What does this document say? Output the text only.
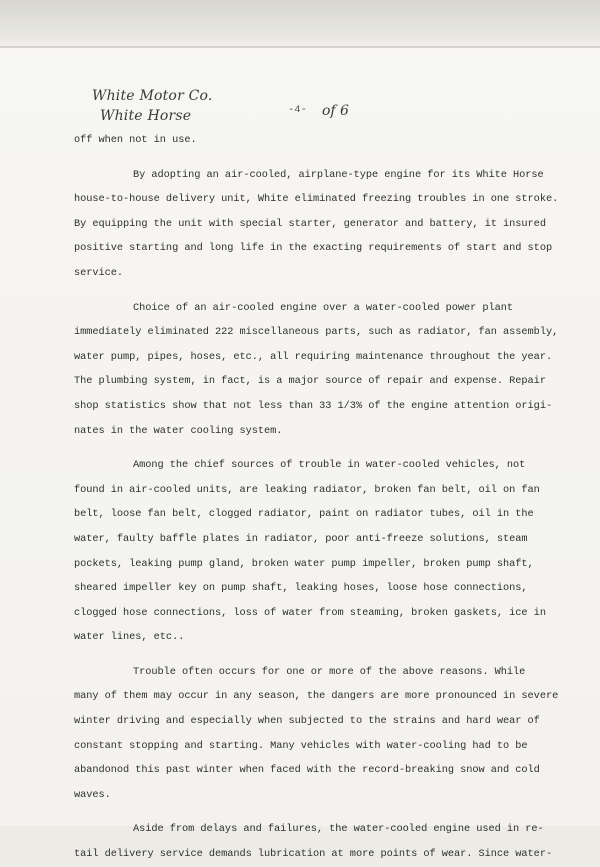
White Motor Co.
White Horse	-4- of 6
off when not in use.
By adopting an air-cooled, airplane-type engine for its White Horse
house-to-house delivery unit, White eliminated freezing troubles in one stroke.
By equipping the unit with special starter, generator and battery, it insured
positive starting and long life in the exacting requirements of start and stop
service.
Choice of an air-cooled engine over a water-cooled power plant
immediately eliminated 222 miscellaneous parts, such as radiator, fan assembly,
water pump, pipes, hoses, etc., all requiring maintenance throughout the year.
The plumbing system, in fact, is a major source of repair and expense. Repair
shop statistics show that not less than 33 1/3% of the engine attention origi-
nates in the water cooling system.
Among the chief sources of trouble in water-cooled vehicles, not
found in air-cooled units, are leaking radiator, broken fan belt, oil on fan
belt, loose fan belt, clogged radiator, paint on radiator tubes, oil in the
water, faulty baffle plates in radiator, poor anti-freeze solutions, steam
pockets, leaking pump gland, broken water pump impeller, broken pump shaft,
sheared impeller key on pump shaft, leaking hoses, loose hose connections,
clogged hose connections, loss of water from steaming, broken gaskets, ice in
water lines, etc..
Trouble often occurs for one or more of the above reasons. While
many of them may occur in any season, the dangers are more pronounced in severe
winter driving and especially when subjected to the strains and hard wear of
constant stopping and starting. Many vehicles with water-cooling had to be
abandonod this past winter when faced with the record-breaking snow and cold
waves.
Aside from delays and failures, the water-cooled engine used in re-
tail delivery service demands lubrication at more points of wear. Since water-
